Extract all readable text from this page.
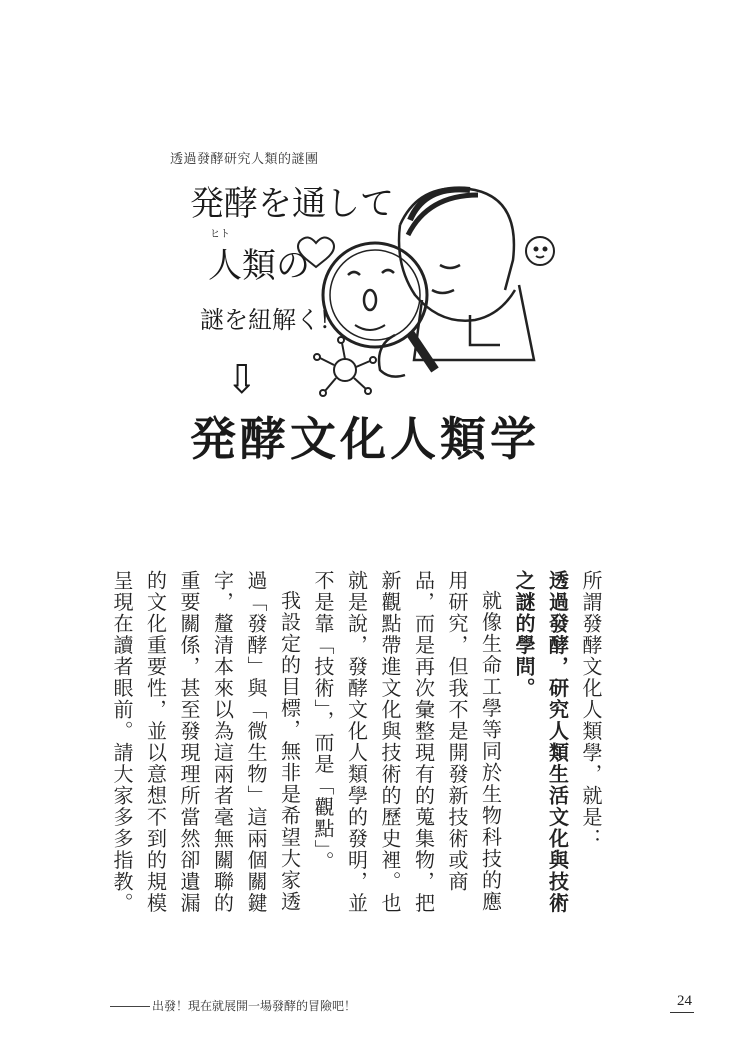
透過發酵研究人類的謎團
発酵を通して
ヒト
人類の
謎を紐解く!
⇩
発酵文化人類学

所謂發酵文化人類學，就是：

透過發酵，研究人類生活文化與技術之謎的學問。

就像生命工學等同於生物科技的應用研究，但我不是開發新技術或商品，而是再次彙整現有的蒐集物，把新觀點帶進文化與技術的歷史裡。也就是說，發酵文化人類學的發明，並不是靠「技術」，而是「觀點」。

我設定的目標，無非是希望大家透過「發酵」與「微生物」這兩個關鍵字，釐清本來以為這兩者毫無關聯的重要關係，甚至發現理所當然卻遺漏的文化重要性，並以意想不到的規模呈現在讀者眼前。請大家多多指教。

出發！現在就展開一場發酵的冒險吧！	24
